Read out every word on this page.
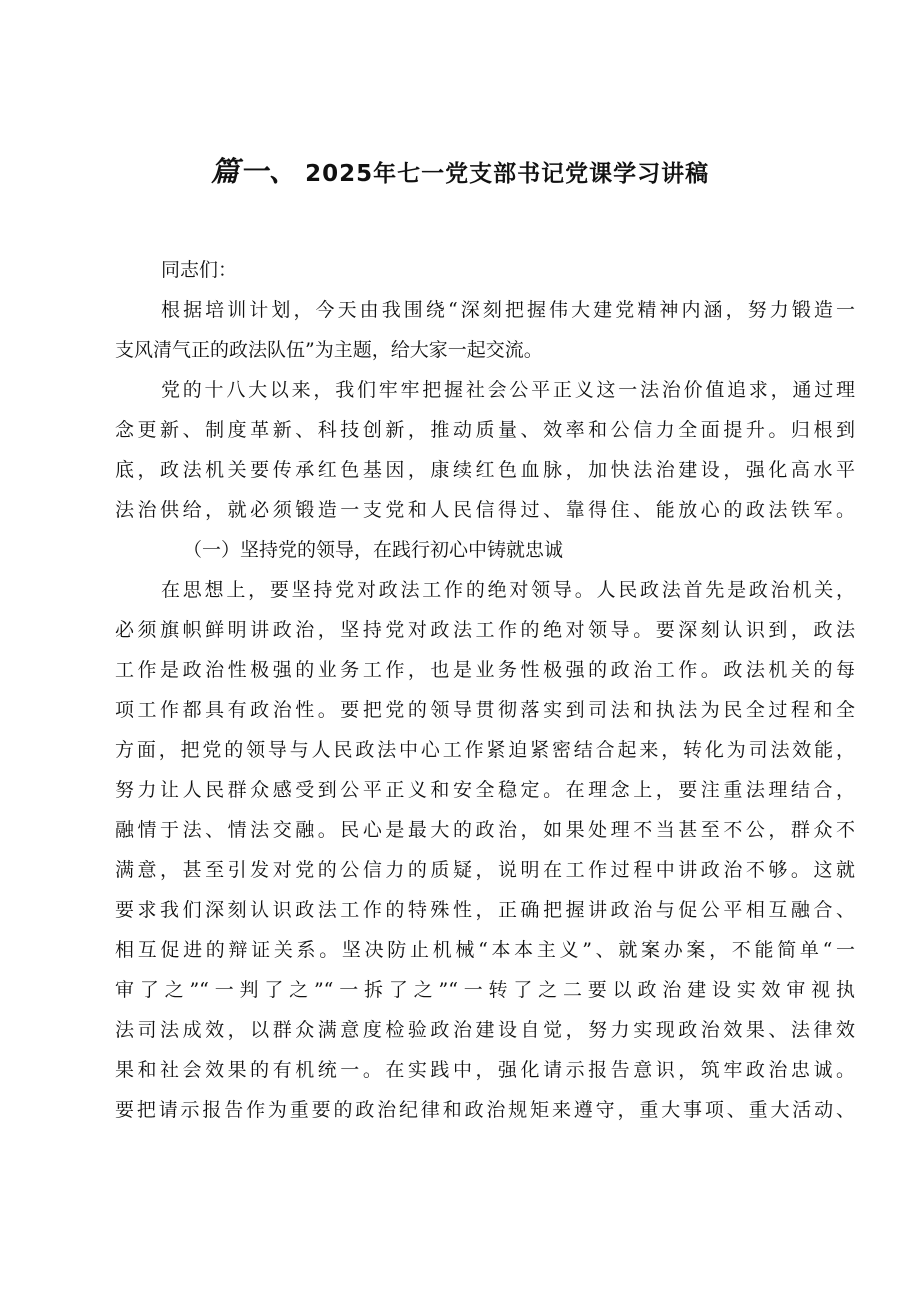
篇一、 2025年七一党支部书记党课学习讲稿
同志们：
根据培训计划，今天由我围绕“深刻把握伟大建党精神内涵，努力锻造一
支风清气正的政法队伍”为主题，给大家一起交流。
党的十八大以来，我们牢牢把握社会公平正义这一法治价值追求，通过理
念更新、制度革新、科技创新，推动质量、效率和公信力全面提升。归根到
底，政法机关要传承红色基因，康续红色血脉，加快法治建设，强化高水平
法治供给，就必须锻造一支党和人民信得过、靠得住、能放心的政法铁军。
（一）坚持党的领导，在践行初心中铸就忠诚
在思想上，要坚持党对政法工作的绝对领导。人民政法首先是政治机关，
必须旗帜鲜明讲政治，坚持党对政法工作的绝对领导。要深刻认识到，政法
工作是政治性极强的业务工作，也是业务性极强的政治工作。政法机关的每
项工作都具有政治性。要把党的领导贯彻落实到司法和执法为民全过程和全
方面，把党的领导与人民政法中心工作紧迫紧密结合起来，转化为司法效能，
努力让人民群众感受到公平正义和安全稳定。在理念上，要注重法理结合，
融情于法、情法交融。民心是最大的政治，如果处理不当甚至不公，群众不
满意，甚至引发对党的公信力的质疑，说明在工作过程中讲政治不够。这就
要求我们深刻认识政法工作的特殊性，正确把握讲政治与促公平相互融合、
相互促进的辩证关系。坚决防止机械“本本主义”、就案办案，不能简单“一
审了之”“一判了之”“一拆了之”“一转了之二要以政治建设实效审视执
法司法成效，以群众满意度检验政治建设自觉，努力实现政治效果、法律效
果和社会效果的有机统一。在实践中，强化请示报告意识，筑牢政治忠诚。
要把请示报告作为重要的政治纪律和政治规矩来遵守，重大事项、重大活动、
